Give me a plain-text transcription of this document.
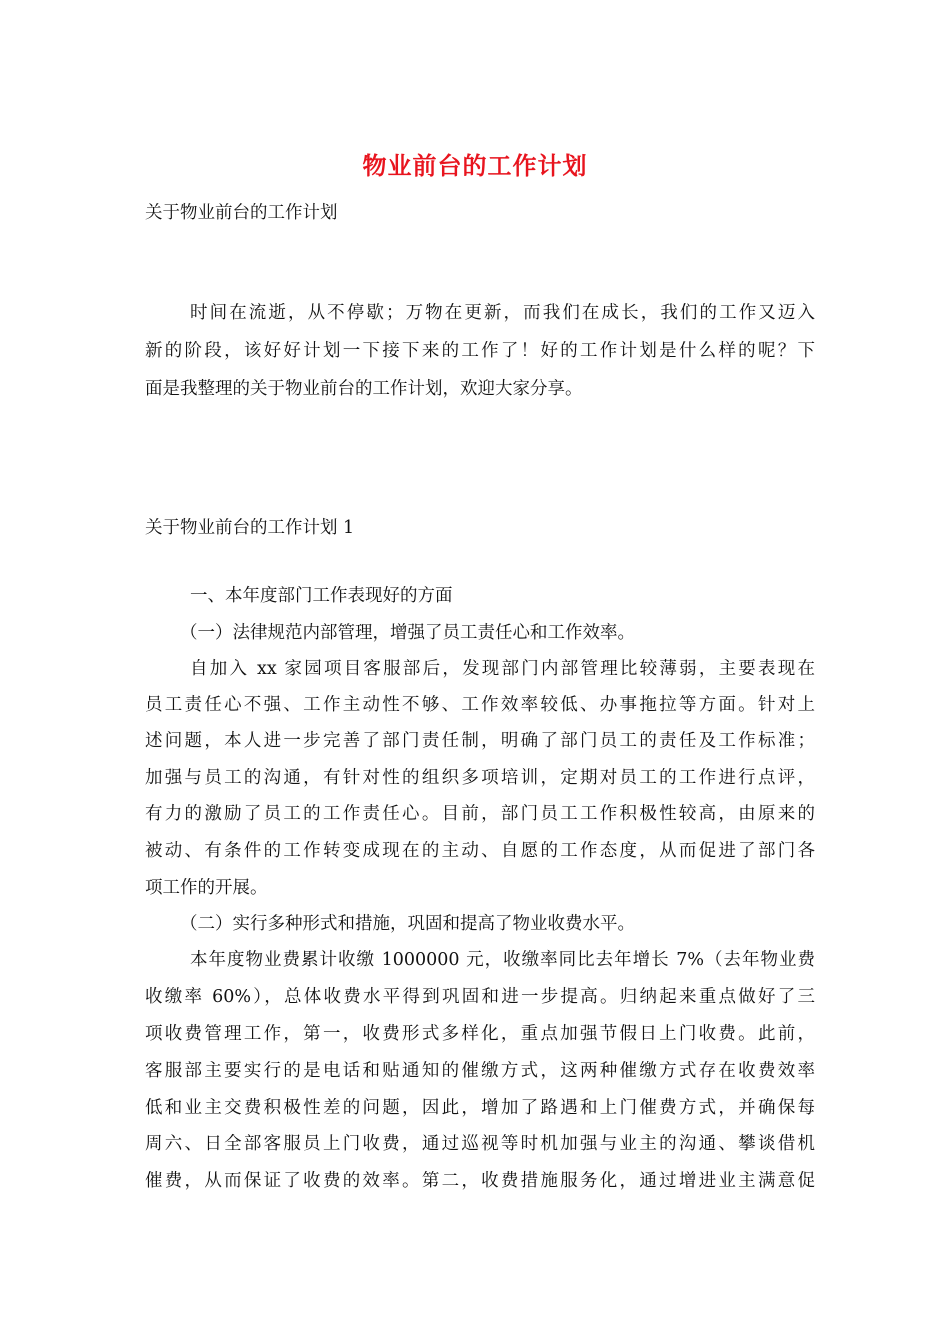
物业前台的工作计划
关于物业前台的工作计划
时间在流逝，从不停歇；万物在更新，而我们在成长，我们的工作又迈入
新的阶段，该好好计划一下接下来的工作了！好的工作计划是什么样的呢？下
面是我整理的关于物业前台的工作计划，欢迎大家分享。
关于物业前台的工作计划 1
一、本年度部门工作表现好的方面
（一）法律规范内部管理，增强了员工责任心和工作效率。
自加入 xx 家园项目客服部后，发现部门内部管理比较薄弱，主要表现在
员工责任心不强、工作主动性不够、工作效率较低、办事拖拉等方面。针对上
述问题，本人进一步完善了部门责任制，明确了部门员工的责任及工作标准；
加强与员工的沟通，有针对性的组织多项培训，定期对员工的工作进行点评，
有力的激励了员工的工作责任心。目前，部门员工工作积极性较高，由原来的
被动、有条件的工作转变成现在的主动、自愿的工作态度，从而促进了部门各
项工作的开展。
（二）实行多种形式和措施，巩固和提高了物业收费水平。
本年度物业费累计收缴 1000000 元，收缴率同比去年增长 7%（去年物业费
收缴率 60%），总体收费水平得到巩固和进一步提高。归纳起来重点做好了三
项收费管理工作，第一，收费形式多样化，重点加强节假日上门收费。此前，
客服部主要实行的是电话和贴通知的催缴方式，这两种催缴方式存在收费效率
低和业主交费积极性差的问题，因此，增加了路遇和上门催费方式，并确保每
周六、日全部客服员上门收费，通过巡视等时机加强与业主的沟通、攀谈借机
催费，从而保证了收费的效率。第二，收费措施服务化，通过增进业主满意促
